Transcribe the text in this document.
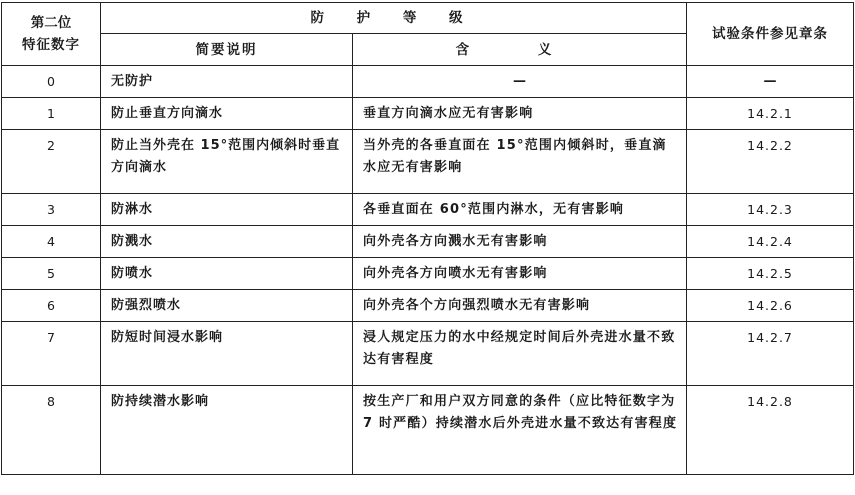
第二位
特征数字	防 护 等 级		试验条件参见章条
	简要说明	含 义	
0	无防护	—	—
1	防止垂直方向滴水	垂直方向滴水应无有害影响	14.2.1
2	防止当外壳在 15°范围内倾斜时垂直方向滴水	当外壳的各垂直面在 15°范围内倾斜时，垂直滴水应无有害影响	14.2.2
3	防淋水	各垂直面在 60°范围内淋水，无有害影响	14.2.3
4	防溅水	向外壳各方向溅水无有害影响	14.2.4
5	防喷水	向外壳各方向喷水无有害影响	14.2.5
6	防强烈喷水	向外壳各个方向强烈喷水无有害影响	14.2.6
7	防短时间浸水影响	浸人规定压力的水中经规定时间后外壳进水量不致达有害程度	14.2.7
8	防持续潜水影响	按生产厂和用户双方同意的条件（应比特征数字为 7 时严酷）持续潜水后外壳进水量不致达有害程度	14.2.8
